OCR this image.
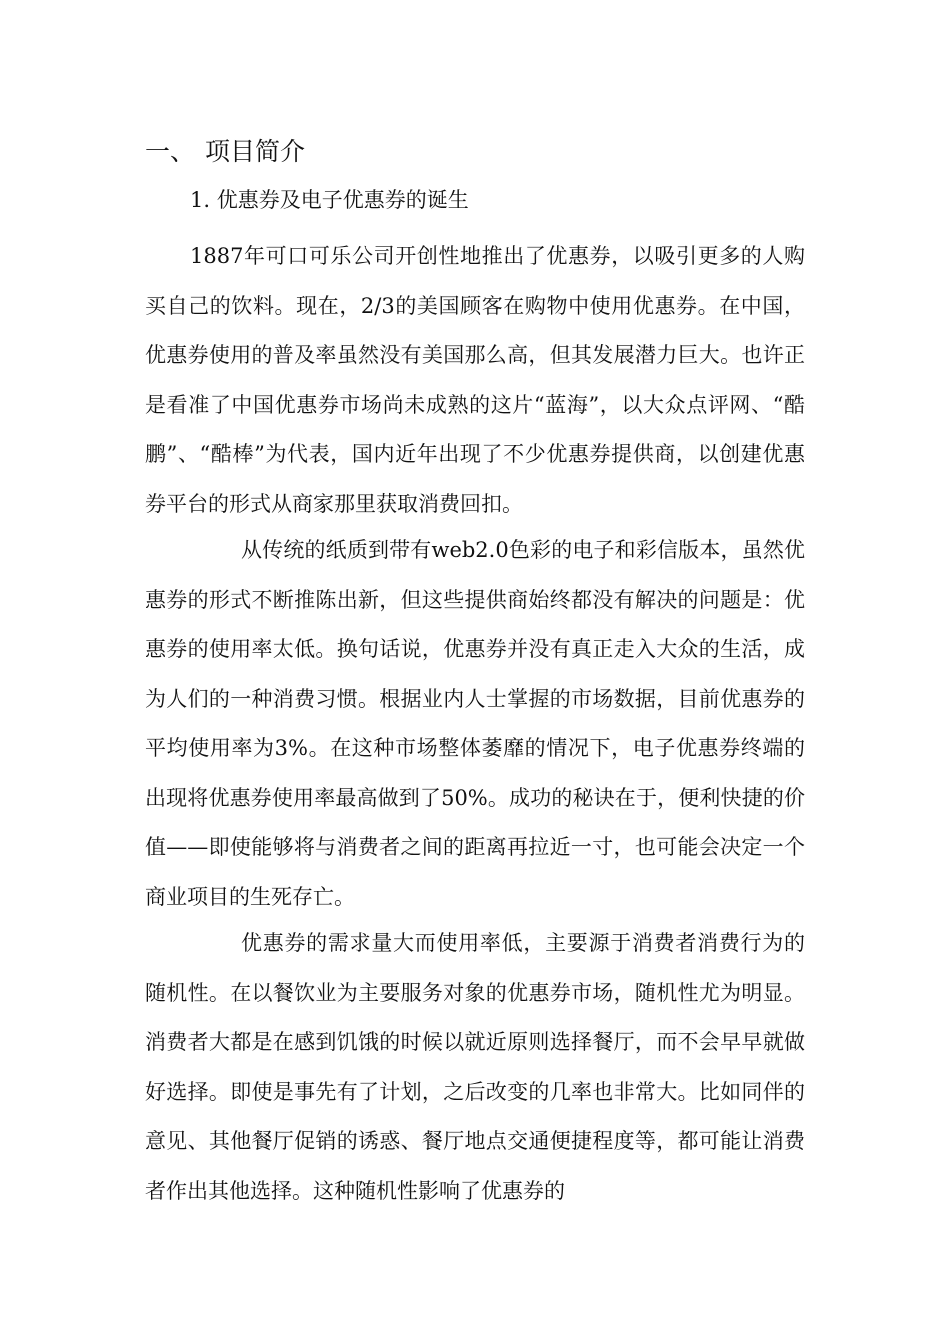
一、 项目简介
1. 优惠券及电子优惠券的诞生

1887年可口可乐公司开创性地推出了优惠券，以吸引更多的人购买自己的饮料。现在，2/3的美国顾客在购物中使用优惠券。在中国，优惠券使用的普及率虽然没有美国那么高，但其发展潜力巨大。也许正是看准了中国优惠券市场尚未成熟的这片“蓝海”，以大众点评网、“酷鹏”、“酷棒”为代表，国内近年出现了不少优惠券提供商，以创建优惠券平台的形式从商家那里获取消费回扣。

从传统的纸质到带有web2.0色彩的电子和彩信版本，虽然优惠券的形式不断推陈出新，但这些提供商始终都没有解决的问题是：优惠券的使用率太低。换句话说，优惠券并没有真正走入大众的生活，成为人们的一种消费习惯。根据业内人士掌握的市场数据，目前优惠券的平均使用率为3%。在这种市场整体萎靡的情况下，电子优惠券终端的出现将优惠券使用率最高做到了50%。成功的秘诀在于，便利快捷的价值——即使能够将与消费者之间的距离再拉近一寸，也可能会决定一个商业项目的生死存亡。

优惠券的需求量大而使用率低，主要源于消费者消费行为的随机性。在以餐饮业为主要服务对象的优惠券市场，随机性尤为明显。消费者大都是在感到饥饿的时候以就近原则选择餐厅，而不会早早就做好选择。即使是事先有了计划，之后改变的几率也非常大。比如同伴的意见、其他餐厅促销的诱惑、餐厅地点交通便捷程度等，都可能让消费者作出其他选择。这种随机性影响了优惠券的
